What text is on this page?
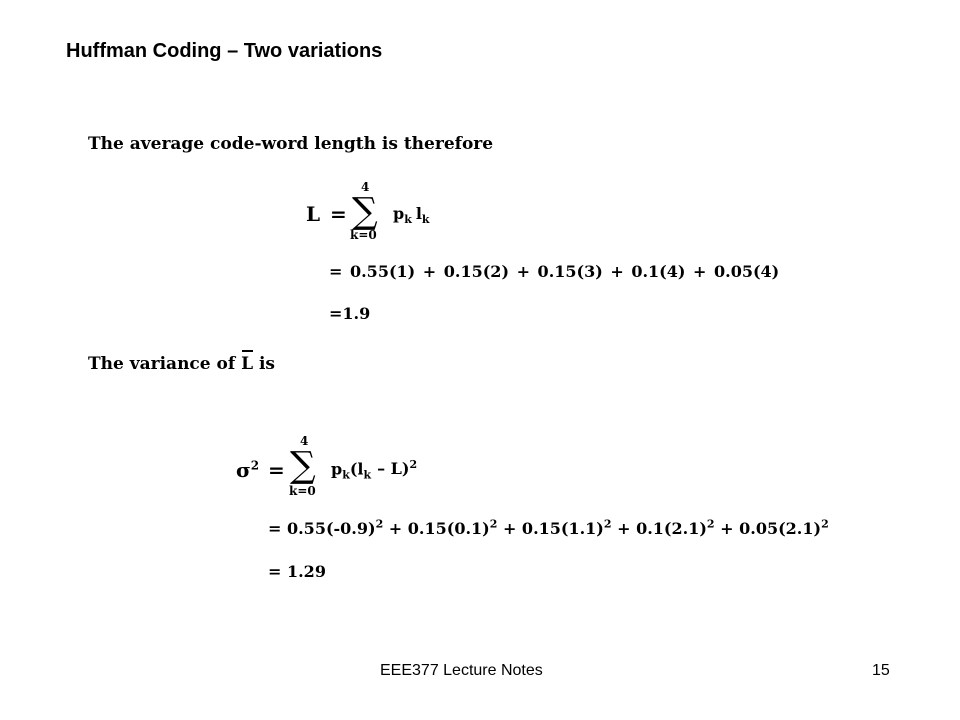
Huffman Coding – Two variations
The average code-word length is therefore
L =
4
∑
k=0
$p_k$ $l_k$
= 0.55(1) + 0.15(2) + 0.15(3) + 0.1(4) + 0.05(4)
=1.9
The variance of L is
$\sigma^2$ =
4
∑
k=0
$p_k(l_k - L)^2$
= $0.55(-0.9)^2 + 0.15(0.1)^2 + 0.15(1.1)^2 + 0.1(2.1)^2 + 0.05(2.1)^2$
= 1.29
EEE377 Lecture Notes	15
